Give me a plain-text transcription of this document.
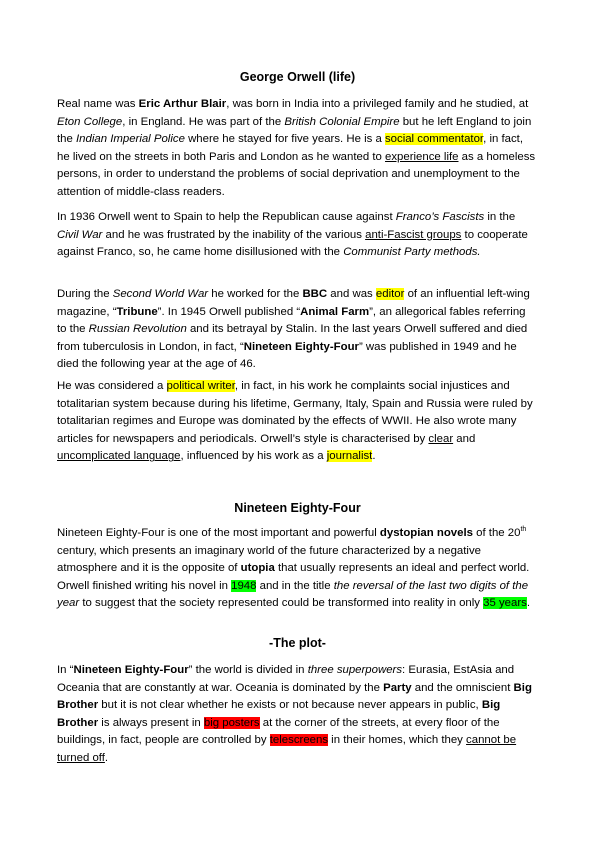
George Orwell (life)

Real name was Eric Arthur Blair, was born in India into a privileged family and he studied, at Eton College, in England. He was part of the British Colonial Empire but he left England to join the Indian Imperial Police where he stayed for five years. He is a social commentator, in fact, he lived on the streets in both Paris and London as he wanted to experience life as a homeless persons, in order to understand the problems of social deprivation and unemployment to the attention of middle-class readers.

In 1936 Orwell went to Spain to help the Republican cause against Franco’s Fascists in the Civil War and he was frustrated by the inability of the various anti-Fascist groups to cooperate against Franco, so, he came home disillusioned with the Communist Party methods.

During the Second World War he worked for the BBC and was editor of an influential left-wing magazine, “Tribune”. In 1945 Orwell published “Animal Farm”, an allegorical fables referring to the Russian Revolution and its betrayal by Stalin. In the last years Orwell suffered and died from tuberculosis in London, in fact, “Nineteen Eighty-Four” was published in 1949 and he died the following year at the age of 46.

He was considered a political writer, in fact, in his work he complaints social injustices and totalitarian system because during his lifetime, Germany, Italy, Spain and Russia were ruled by totalitarian regimes and Europe was dominated by the effects of WWII. He also wrote many articles for newspapers and periodicals. Orwell’s style is characterised by clear and uncomplicated language, influenced by his work as a journalist.

Nineteen Eighty-Four

Nineteen Eighty-Four is one of the most important and powerful dystopian novels of the 20th century, which presents an imaginary world of the future characterized by a negative atmosphere and it is the opposite of utopia that usually represents an ideal and perfect world. Orwell finished writing his novel in 1948 and in the title the reversal of the last two digits of the year to suggest that the society represented could be transformed into reality in only 35 years.

-The plot-

In “Nineteen Eighty-Four” the world is divided in three superpowers: Eurasia, EstAsia and Oceania that are constantly at war. Oceania is dominated by the Party and the omniscient Big Brother but it is not clear whether he exists or not because never appears in public, Big Brother is always present in big posters at the corner of the streets, at every floor of the buildings, in fact, people are controlled by telescreens in their homes, which they cannot be turned off.
